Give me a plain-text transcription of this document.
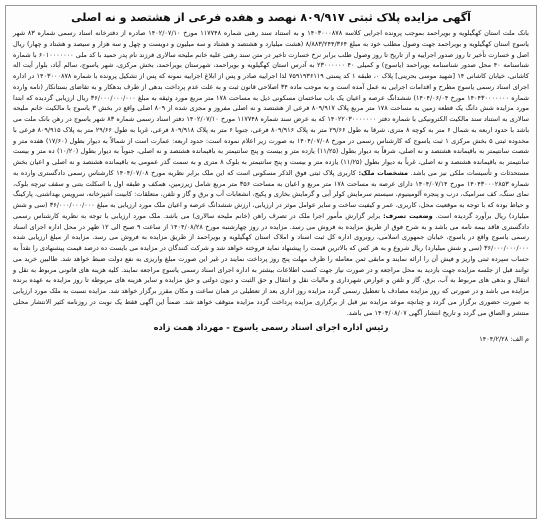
آگهی مزایده پلاک ثبتی ۸۰۹/۹۱۷ نهصد و هفده فرعی از هشتصد و نه اصلی

بانک ملت استان کهگیلویه و بویراحمد بموجب پرونده اجرایی کلاسه ۱۴۰۳۰۰۰۸۷۸ و به استناد سند رهنی شماره ۱۱۷۷۴۸ مورخ ۱۴۰۲/۰۷/۱۰ صادره از دفترخانه اسناد رسمی شماره ۸۳ شهر یاسوج استان کهگیلویه و بویراحمد جهت وصول مطلب خود به مبلغ ۸/۸۸۳/۲۴۴/۳۶۴ (هشت میلیارد و هشتصد و هشتاد و سه میلیون و دویست و چهل و سه هزار و سیصد و هشتاد و چهار) ریال اصل و خسارت تأخیر تا روز صدور اجراییه و از تاریخ تا روز وصول طلب برابر نرخ خسارت تاخیر در متن سند رهنی علیه خانم ملیحه سالاری فرزند نام پدر حمید با کد ملی ۶۰۱۰۰۰۰۰۰۰ با شماره شناسنامه ۴۰ محل صدور شناسنامه بویراحمد (یاسوج) و کمیلی ۴۰ ۲۳۰۰۰۰۰۰ به آدرس استان کهگیلویه و بویراحمد، شهرستان بویراحمد، بخش مرکزی، شهر یاسوج، سالم آباد، بلوار آیت اله کاشانی، خیابان کاشانی ۱۴ [شهید موسی بحرینی] پلاک ۰، طبقه ۱ کد پستی ۷۵۹۱۹۳۶۱۱۹ لذا اجراییه صادر و پس از ابلاغ اجراییه نمونه که پس از تشکیل پرونده با شماره ۱۴۰۳۰۰۰۸۷۸ در اداره اجرای اسناد رسمی یاسوج مطرح و اقدامات اجرایی به عمل آمده است و به موجب ماده ۳۴ اصلاحی قانون ثبت و به علت عدم پرداخت بدهی از طرف بدهکار و به تقاضای بستانکار (نامه وارده شماره ۱۴۰۴۳۰۰۰۰۰۰۰ مورخ ۱۴۰۴/۰۶/۰۴) ششدانگ عرصه و اعیان یک باب ساختمان مسکونی ذیل به مساحت ۱۷۸ متر مربع مورد وثیقه به مبلغ ۳۶/۰۰۰/۰۰۰/۰۰۰ ریال ارزیابی گردیده که ابتدا مورد مزایده شش دانگ یک قطعه زمین به مساحت ۱۷۸ متر مربع پلاک ۸۰۹/۹۱۷ فرعی از هشتصد و نه اصلی مفروز و مجزی شده از ۸۰۹ اصلی واقع در بخش ۳ یاسوج با مالکیت خانم ملیحه سالاری به استناد سند مالکیت الکترونیکی با شماره دفتر ۱۴۰۲۲۰۳۰۰۰۰۰۰۰ که به عرض سند شماره ۱۱۷۷۴۸ مورخ ۱۴۰۲/۰۷/۱۰ دفتر اسناد رسمی شماره ۸۳ شهر یاسوج در رهن بانک ملت می باشد با حدود اربعه به شمال ۶ متر به کوچه ۸ متری، شرقا به طول ۲۹/۶۶ متر به پلاک ۸۰۹/۹۱۶ فرعی، جنوبا ۶ متر به پلاک ۸۰۹/۹۱۸ فرعی، غربا به طول ۲۹/۶۶ متر به پلاک ۸۰۹/۹۱۵ فرعی با محدوده ثبتی ۵ بخش مرکزی ۱ ثبت یاسوج که کارشناس رسمی در مورخ ۱۴۰۴/۰۷/۰۸ به صورت زیر اعلام نموده است: حدود اربعه: عمارت است از شمالاً به دیوار بطول (۱۷/۶۰) هفده متر و شصت سانتیمتر به باقیمانده هشتصد و نه اصلی، شرقاً به دیوار بطول (۱۱/۲۵) یازده متر و بیست و پنج سانتیمتر به باقیمانده هشتصد و نه اصلی، جنوباً به دیوار بطول (۱۰/۲۰) ده متر و بیست سانتیمتر به باقیمانده هشتصد و نه اصلی، غرباً به دیوار بطول (۱۱/۲۵) یازده متر و بیست و پنج سانتیمتر به بلوک ۸ متری و به سمت گذر عمومی به باقیمانده هشتصد و نه اصلی و اعیان بخش مستحدثات و تأسیسات ملکی نیز می باشد. مشخصات ملک: کاربری پلاک ثبتی فوق الذکر مسکونی است که این ملک برابر نظریه مورخ ۱۴۰۴/۰۷/۰۸ کارشناس رسمی دادگستری وارده به شماره ۱۴۰۴۳۰۰۰۲۸۵۳ مورخ ۱۴۰۴/۰۷/۱۴ دارای عرصه به مساحت ۱۷۸ متر مربع و اعیان به مساحت ۳۵۶ متر مربع شامل زیرزمین، همکف و طبقه اول با اسکلت بتنی و سقف تیرچه بلوک، نمای سنگ، کف سرامیک، درب و پنجره آلومینیوم، سیستم سرمایش کولر آبی و گرمایش بخاری و پکیج، انشعابات آب و برق و گاز و تلفن، متعلقات: کابینت آشپزخانه، سرویس بهداشتی، پارکینگ و حیاط بوده که با توجه به موقعیت محل، کاربری، عمر و کیفیت ساخت و سایر عوامل موثر در ارزیابی، ارزش ششدانگ عرصه و اعیان ملک مورد ارزیابی به مبلغ ۳۶/۰۰۰/۰۰۰/۰۰۰ (سی و شش میلیارد) ریال برآورد گردیده است. وضعیت تصرف: برابر گزارش مأمور اجرا ملک در تصرف راهن (خانم ملیحه سالاری) می باشد. ملک مورد ارزیابی با توجه به نظریه کارشناس رسمی دادگستری فاقد بیمه نامه می باشد و به شرح فوق از طریق مزایده به فروش می رسد. مزایده در روز چهارشنبه مورخ ۱۴۰۴/۰۸/۲۸ از ساعت ۹ صبح الی ۱۲ ظهر در محل اداره اجرای اسناد رسمی یاسوج واقع در یاسوج، خیابان جمهوری اسلامی، روبروی اداره کل ثبت اسناد و املاک استان کهگیلویه و بویراحمد از طریق مزایده به فروش می رسد. مزایده از مبلغ ارزیابی شده ۳۶/۰۰۰/۰۰۰/۰۰۰ (سی و شش میلیارد) ریال شروع و به هر کس که بالاترین قیمت را پیشنهاد نماید فروخته خواهد شد و شرکت کنندگان در مزایده می بایست ده درصد قیمت پیشنهادی را نقداً به حساب سپرده ثبتی واریز و فیش آن را ارائه نمایند و مابقی ثمن معامله را ظرف مهلت پنج روز پرداخت نمایند در غیر این صورت مبلغ واریزی به نفع دولت ضبط خواهد شد. طالبین خرید می توانند قبل از جلسه مزایده جهت بازدید به محل مراجعه و در صورت نیاز جهت کسب اطلاعات بیشتر به اداره اجرای اسناد رسمی یاسوج مراجعه نمایند. کلیه هزینه های قانونی مربوط به نقل و انتقال و بدهی های مربوط به آب، برق، گاز و تلفن و عوارض شهرداری و مالیات نقل و انتقال و حق الثبت و دیون دولتی و حق مزایده و سایر هزینه های مربوطه تا روز مزایده به عهده برنده مزایده می باشد و در صورتی که روز مزایده مصادف با تعطیل رسمی گردد مزایده روز اداری بعد از تعطیلی در همان ساعت و مکان مقرر برگزار خواهد شد. مزایده نسبت به ملک مورد ارزیابی به صورت حضوری برگزار می گردد و چنانچه موعد مزایده نیز قبل از برگزاری مزایده پرداخت گردد مزایده متوقف خواهد شد. ضمناً این آگهی فقط یک نوبت در روزنامه کثیر الانتشار محلی منتشر و الصاق می گردد و تاریخ انتشار آگهی ۱۴۰۴/۰۸/۰۷ می باشد.

رئیس اداره اجرای اسناد رسمی یاسوج - مهرداد همت زاده
م الف: ۱۴۰۴/۲/۲۸
